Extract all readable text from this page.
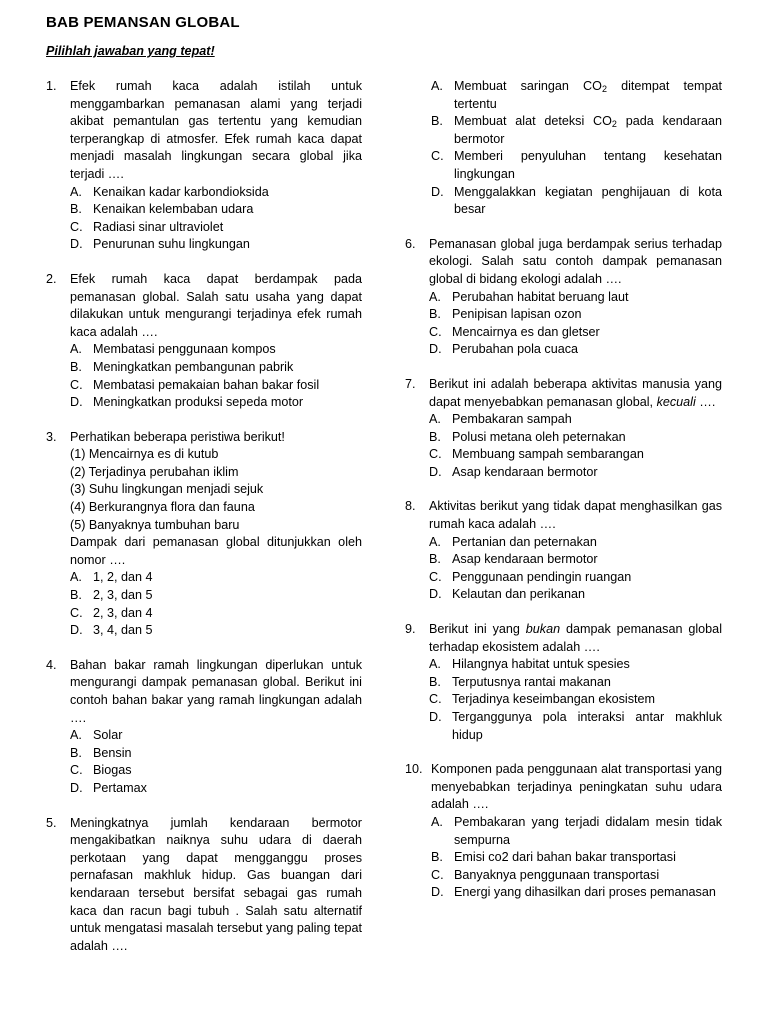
BAB PEMANSAN GLOBAL
Pilihlah jawaban yang tepat!
1. Efek rumah kaca adalah istilah untuk menggambarkan pemanasan alami yang terjadi akibat pemantulan gas tertentu yang kemudian terperangkap di atmosfer. Efek rumah kaca dapat menjadi masalah lingkungan secara global jika terjadi ….
A. Kenaikan kadar karbondioksida
B. Kenaikan kelembaban udara
C. Radiasi sinar ultraviolet
D. Penurunan suhu lingkungan
2. Efek rumah kaca dapat berdampak pada pemanasan global. Salah satu usaha yang dapat dilakukan untuk mengurangi terjadinya efek rumah kaca adalah ….
A. Membatasi penggunaan kompos
B. Meningkatkan pembangunan pabrik
C. Membatasi pemakaian bahan bakar fosil
D. Meningkatkan produksi sepeda motor
3. Perhatikan beberapa peristiwa berikut!
(1) Mencairnya es di kutub
(2) Terjadinya perubahan iklim
(3) Suhu lingkungan menjadi sejuk
(4) Berkurangnya flora dan fauna
(5) Banyaknya tumbuhan baru
Dampak dari pemanasan global ditunjukkan oleh nomor ….
A. 1, 2, dan 4
B. 2, 3, dan 5
C. 2, 3, dan 4
D. 3, 4, dan 5
4. Bahan bakar ramah lingkungan diperlukan untuk mengurangi dampak pemanasan global. Berikut ini contoh bahan bakar yang ramah lingkungan adalah ….
A. Solar
B. Bensin
C. Biogas
D. Pertamax
5. Meningkatnya jumlah kendaraan bermotor mengakibatkan naiknya suhu udara di daerah perkotaan yang dapat mengganggu proses pernafasan makhluk hidup. Gas buangan dari kendaraan tersebut bersifat sebagai gas rumah kaca dan racun bagi tubuh . Salah satu alternatif untuk mengatasi masalah tersebut yang paling tepat adalah ….
A. Membuat saringan $CO_2$ ditempat tempat tertentu
B. Membuat alat deteksi $CO_2$ pada kendaraan bermotor
C. Memberi penyuluhan tentang kesehatan lingkungan
D. Menggalakkan kegiatan penghijauan di kota besar
6. Pemanasan global juga berdampak serius terhadap ekologi. Salah satu contoh dampak pemanasan global di bidang ekologi adalah ….
A. Perubahan habitat beruang laut
B. Penipisan lapisan ozon
C. Mencairnya es dan gletser
D. Perubahan pola cuaca
7. Berikut ini adalah beberapa aktivitas manusia yang dapat menyebabkan pemanasan global, kecuali ….
A. Pembakaran sampah
B. Polusi metana oleh peternakan
C. Membuang sampah sembarangan
D. Asap kendaraan bermotor
8. Aktivitas berikut yang tidak dapat menghasilkan gas rumah kaca adalah ….
A. Pertanian dan peternakan
B. Asap kendaraan bermotor
C. Penggunaan pendingin ruangan
D. Kelautan dan perikanan
9. Berikut ini yang bukan dampak pemanasan global terhadap ekosistem adalah ….
A. Hilangnya habitat untuk spesies
B. Terputusnya rantai makanan
C. Terjadinya keseimbangan ekosistem
D. Terganggunya pola interaksi antar makhluk hidup
10. Komponen pada penggunaan alat transportasi yang menyebabkan terjadinya peningkatan suhu udara adalah ….
A. Pembakaran yang terjadi didalam mesin tidak sempurna
B. Emisi co2 dari bahan bakar transportasi
C. Banyaknya penggunaan transportasi
D. Energi yang dihasilkan dari proses pemanasan
